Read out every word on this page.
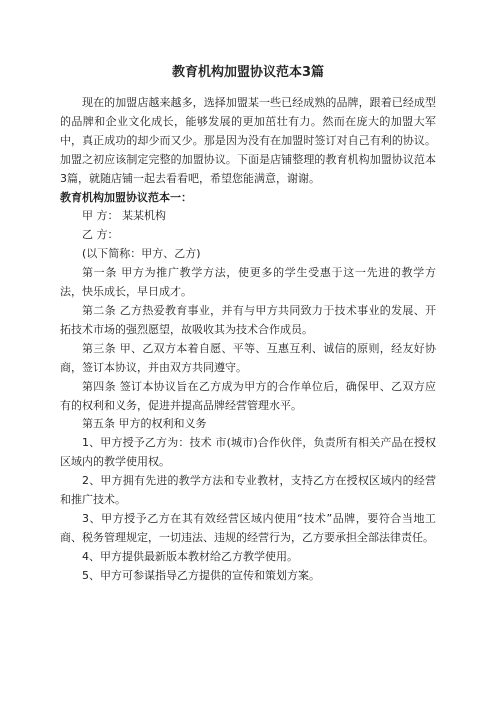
教育机构加盟协议范本3篇

现在的加盟店越来越多，选择加盟某一些已经成熟的品牌，跟着已经成型的品牌和企业文化成长，能够发展的更加茁壮有力。然而在庞大的加盟大军中，真正成功的却少而又少。那是因为没有在加盟时签订对自己有利的协议。加盟之初应该制定完整的加盟协议。下面是店铺整理的教育机构加盟协议范本3篇，就随店铺一起去看看吧，希望您能满意，谢谢。

教育机构加盟协议范本一：

甲 方： 某某机构

乙 方：

(以下简称：甲方、乙方)

第一条 甲方为推广教学方法，使更多的学生受惠于这一先进的教学方法，快乐成长，早日成才。

第二条 乙方热爱教育事业，并有与甲方共同致力于技术事业的发展、开拓技术市场的强烈愿望，故吸收其为技术合作成员。

第三条 甲、乙双方本着自愿、平等、互惠互利、诚信的原则，经友好协商，签订本协议，并由双方共同遵守。

第四条 签订本协议旨在乙方成为甲方的合作单位后，确保甲、乙双方应有的权利和义务，促进并提高品牌经营管理水平。

第五条 甲方的权利和义务

1、甲方授予乙方为：技术 市(城市)合作伙伴，负责所有相关产品在授权区域内的教学使用权。

2、甲方拥有先进的教学方法和专业教材，支持乙方在授权区域内的经营和推广技术。

3、甲方授予乙方在其有效经营区域内使用“技术”品牌，要符合当地工商、税务管理规定，一切违法、违规的经营行为，乙方要承担全部法律责任。

4、甲方提供最新版本教材给乙方教学使用。

5、甲方可参谋指导乙方提供的宣传和策划方案。
